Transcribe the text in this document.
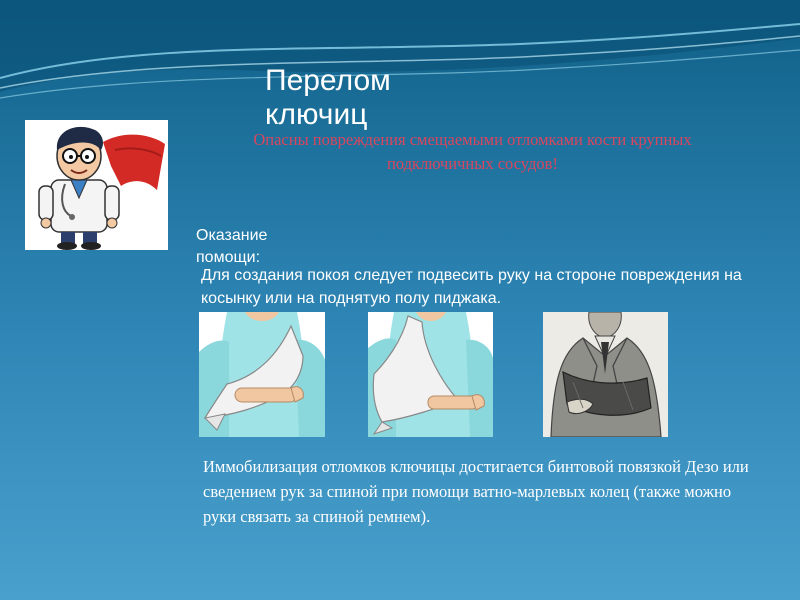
Перелом ключиц
Опасны повреждения смещаемыми отломками кости крупных подключичных сосудов!
Оказание помощи:
Для создания покоя следует подвесить руку на стороне повреждения на косынку или на поднятую полу пиджака.
Иммобилизация отломков ключицы достигается бинтовой повязкой Дезо или сведением рук за спиной при помощи ватно-марлевых колец (также можно руки связать за спиной ремнем).
